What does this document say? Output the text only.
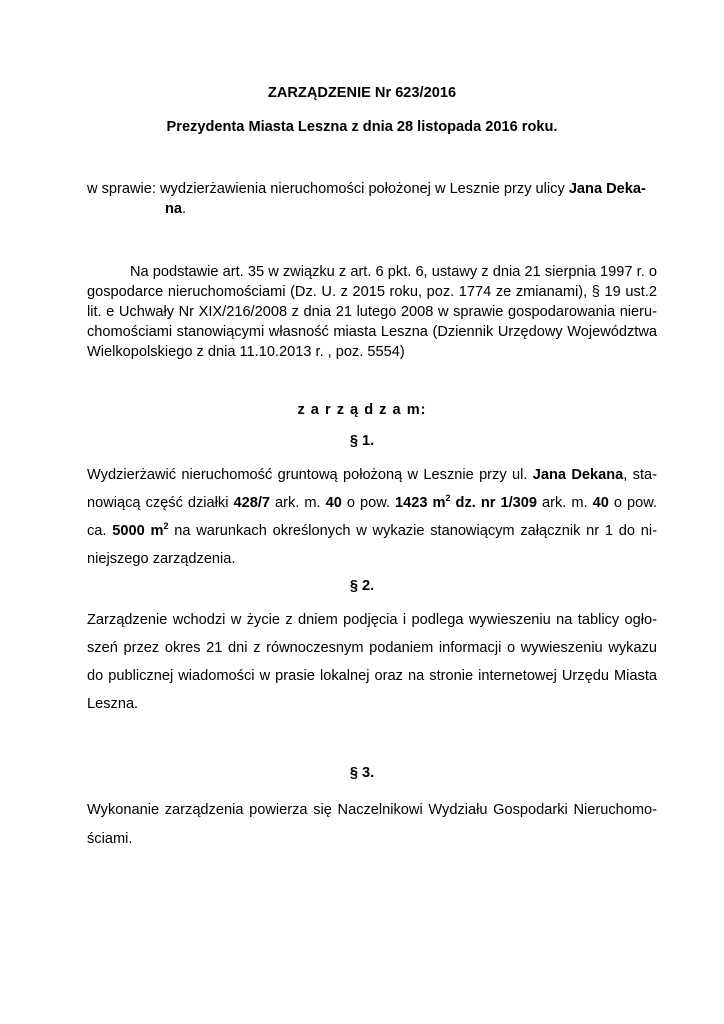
ZARZĄDZENIE Nr 623/2016
Prezydenta Miasta Leszna z dnia 28 listopada 2016 roku.
w sprawie: wydzierżawienia nieruchomości położonej w Lesznie przy ulicy Jana Deka-
na.
Na podstawie art. 35 w związku z art. 6 pkt. 6, ustawy z dnia 21 sierpnia 1997 r. o
gospodarce nieruchomościami (Dz. U. z 2015 roku, poz. 1774 ze zmianami), § 19 ust.2
lit. e Uchwały Nr XIX/216/2008 z dnia 21 lutego 2008 w sprawie gospodarowania nieru-
chomościami stanowiącymi własność miasta Leszna (Dziennik Urzędowy Województwa
Wielkopolskiego z dnia 11.10.2013 r. , poz. 5554)
z a r z ą d z a m:
§ 1.
Wydzierżawić nieruchomość gruntową położoną w Lesznie przy ul. Jana Dekana, sta-
nowiącą część działki 428/7 ark. m. 40 o pow. 1423 $m^2$ dz. nr 1/309 ark. m. 40 o pow.
ca. 5000 $m^2$ na warunkach określonych w wykazie stanowiącym załącznik nr 1 do ni-
niejszego zarządzenia.
§ 2.
Zarządzenie wchodzi w życie z dniem podjęcia i podlega wywieszeniu na tablicy ogło-
szeń przez okres 21 dni z równoczesnym podaniem informacji o wywieszeniu wykazu
do publicznej wiadomości w prasie lokalnej oraz na stronie internetowej Urzędu Miasta
Leszna.
§ 3.
Wykonanie zarządzenia powierza się Naczelnikowi Wydziału Gospodarki Nieruchomo-
ściami.
